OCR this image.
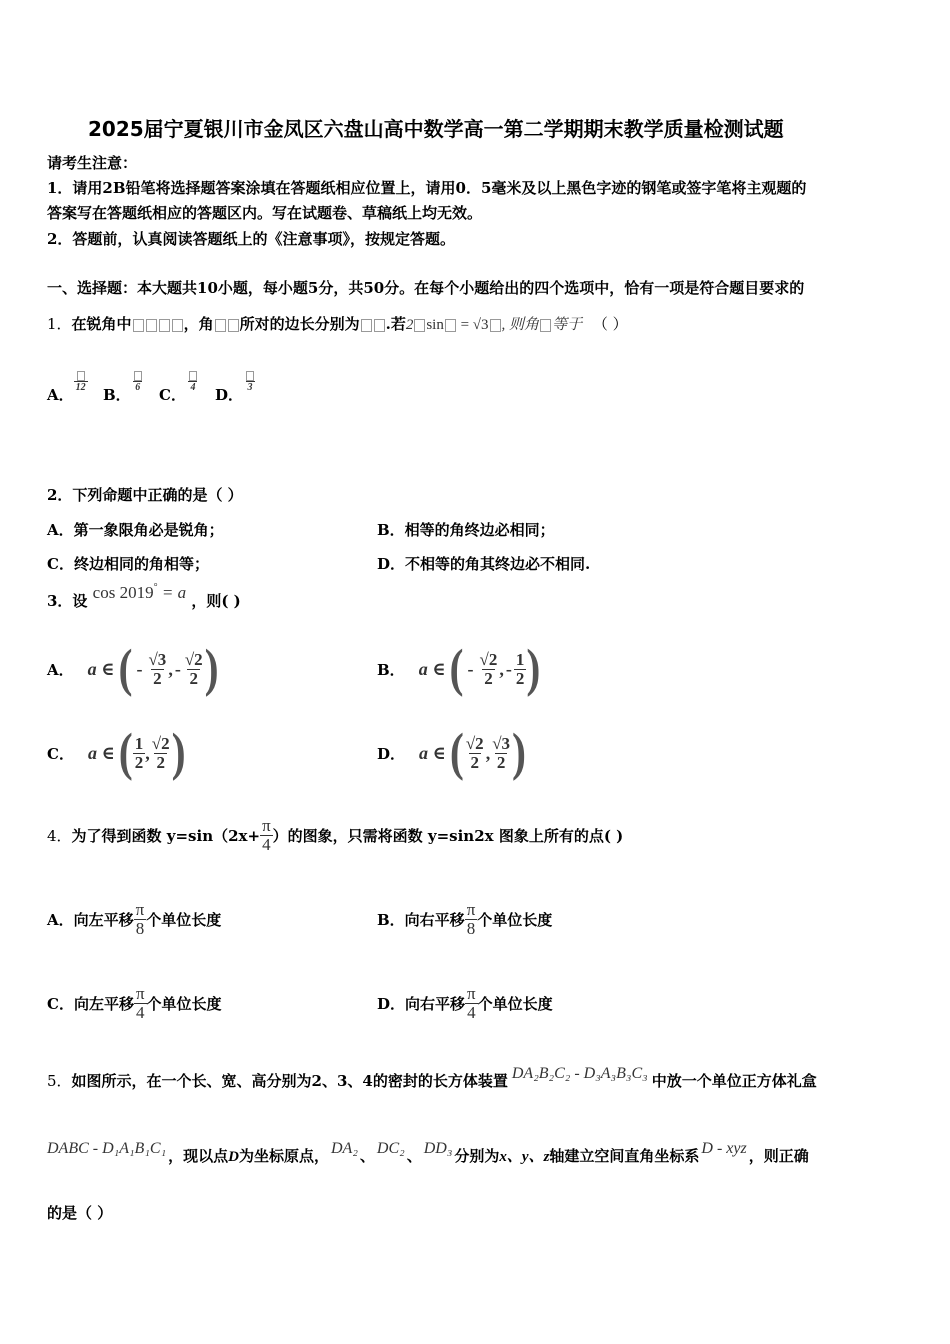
2025届宁夏银川市金凤区六盘山高中数学高一第二学期期末教学质量检测试题
请考生注意：
1．请用2B铅笔将选择题答案涂填在答题纸相应位置上，请用0．5毫米及以上黑色字迹的钢笔或签字笔将主观题的
答案写在答题纸相应的答题区内。写在试题卷、草稿纸上均无效。
2．答题前，认真阅读答题纸上的《注意事项》，按规定答题。
一、选择题：本大题共10小题，每小题5分，共50分。在每个小题给出的四个选项中，恰有一项是符合题目要求的
1．在锐角中	，角 所对的边长分别为 .若2 sin = √3 , 则角 等于 （ ）
A． 12 B． 6 C． 4 D． 3
2．下列命题中正确的是（ ）
A．第一象限角必是锐角；	B．相等的角终边必相同；
C．终边相同的角相等；	D．不相等的角其终边必不相同.
3．设 cos 2019° = a ，则( )
A． a ∈ ( - $\frac{√3}{2}$ , - $\frac{√2}{2}$ )	B． a ∈ ( - $\frac{√2}{2}$ , - $\frac{1}{2}$ )
C． a ∈ ( $\frac{1}{2}$ , $\frac{√2}{2}$ )	D． a ∈ ( $\frac{√2}{2}$ , $\frac{√3}{2}$ )
4． 为了得到函数 $y=\sin(2x+ \frac{\pi}{4}$ ）的图象，只需将函数 y=sin2x 图象上所有的点( )
A．向左平移 $\frac{\pi}{8}$ 个单位长度	B．向右平移 $\frac{\pi}{8}$ 个单位长度
C．向左平移 $\frac{\pi}{4}$ 个单位长度	D．向右平移 $\frac{\pi}{4}$ 个单位长度
5． 如图所示，在一个长、宽、高分别为2、3、4的密封的长方体装置 DA₂B₂C₂ - D₃A₃B₃C₃ 中放一个单位正方体礼盒
DABC - D₁A₁B₁C₁ ，现以点 D 为坐标原点， DA₂ 、 DC₂ 、 DD₃ 分别为 x、y、z 轴建立空间直角坐标系 D - xyz ，则正确
的是（ ）
